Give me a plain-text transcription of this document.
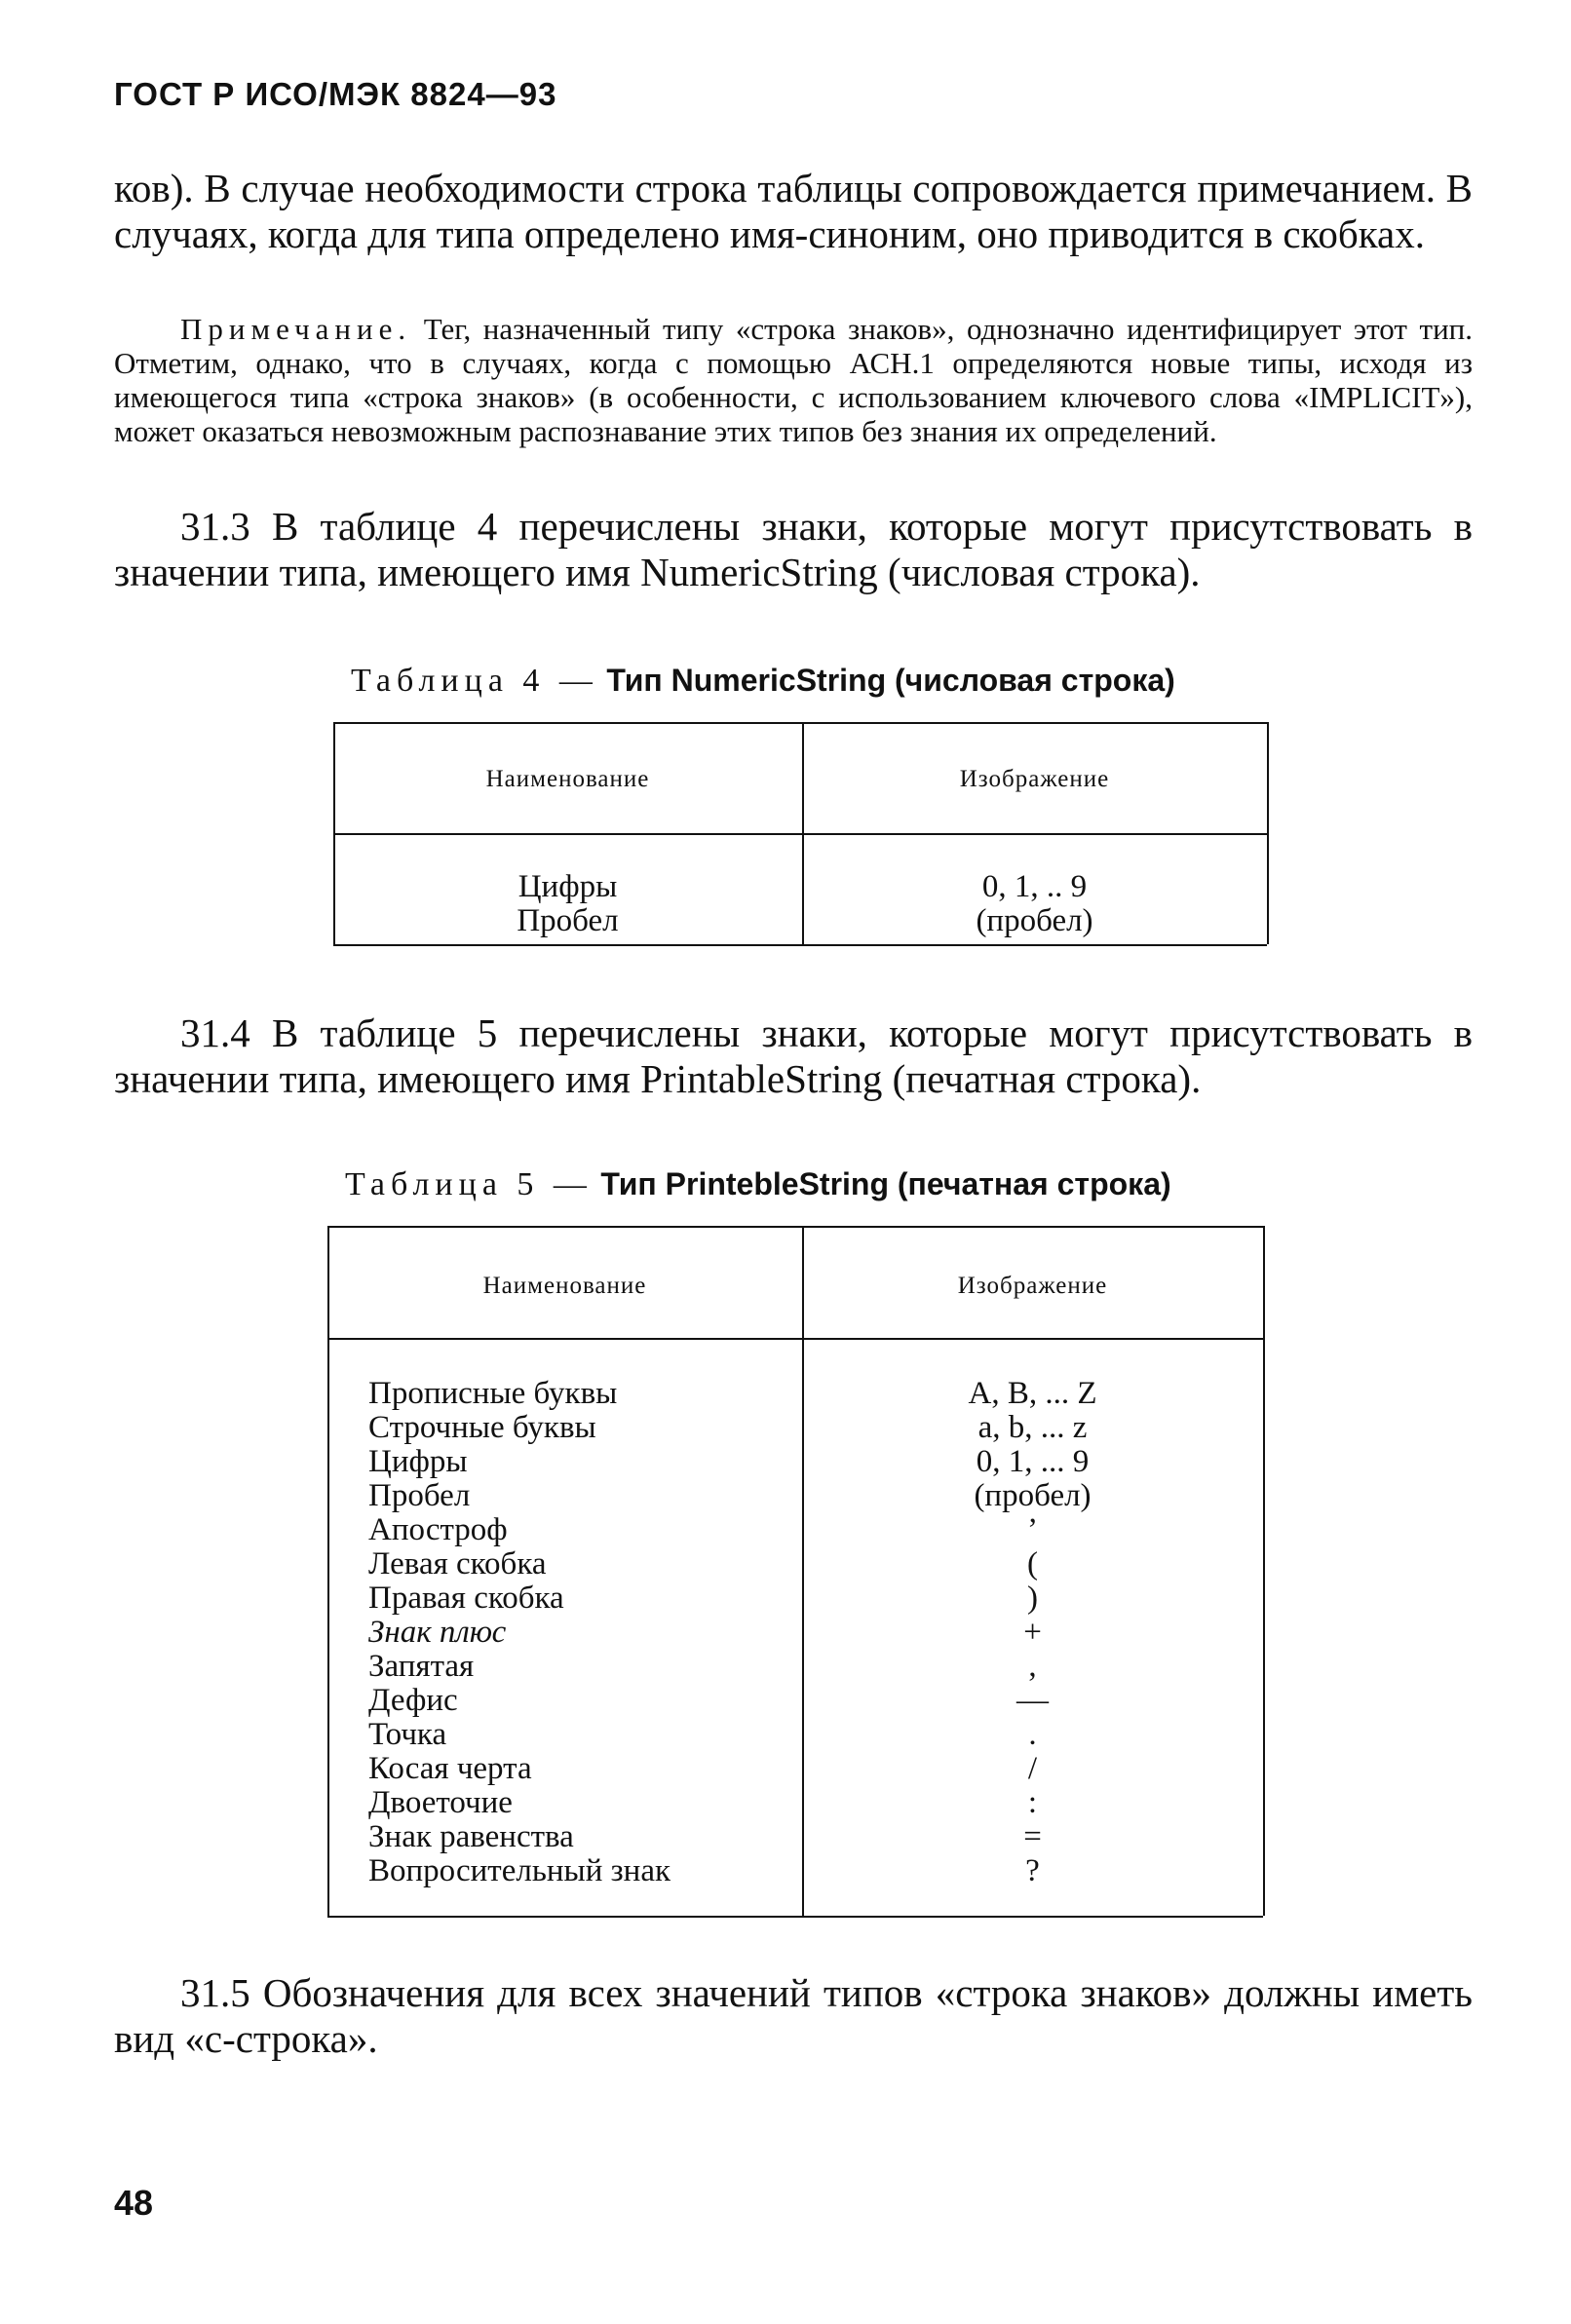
ГОСТ Р ИСО/МЭК 8824—93

ков). В случае необходимости строка таблицы сопровождается примечанием. В случаях, когда для типа определено имя-синоним, оно приводится в скобках.

Примечание. Тег, назначенный типу «строка знаков», однозначно идентифицирует этот тип. Отметим, однако, что в случаях, когда с помощью АСН.1 определяются новые типы, исходя из имеющегося типа «строка знаков» (в особенности, с использованием ключевого слова «IMPLICIT»), может оказаться невозможным распознавание этих типов без знания их определений.

31.3 В таблице 4 перечислены знаки, которые могут присутствовать в значении типа, имеющего имя NumericString (числовая строка).

Таблица 4 — Тип NumericString (числовая строка)
Наименование	Изображение
Цифры
Пробел
0, 1, .. 9
(пробел)

31.4 В таблице 5 перечислены знаки, которые могут присутствовать в значении типа, имеющего имя PrintableString (печатная строка).

Таблица 5 — Тип PrintebleString (печатная строка)
Наименование	Изображение
Прописные буквы
Строчные буквы
Цифры
Пробел
Апостроф
Левая скобка
Правая скобка
Знак плюс
Запятая
Дефис
Точка
Косая черта
Двоеточие
Знак равенства
Вопросительный знак
A, B, ... Z
a, b, ... z
0, 1, ... 9
(пробел)
’
(
)
+
,
—
.
/
:
=
?

31.5 Обозначения для всех значений типов «строка знаков» должны иметь вид «с-строка».

48
